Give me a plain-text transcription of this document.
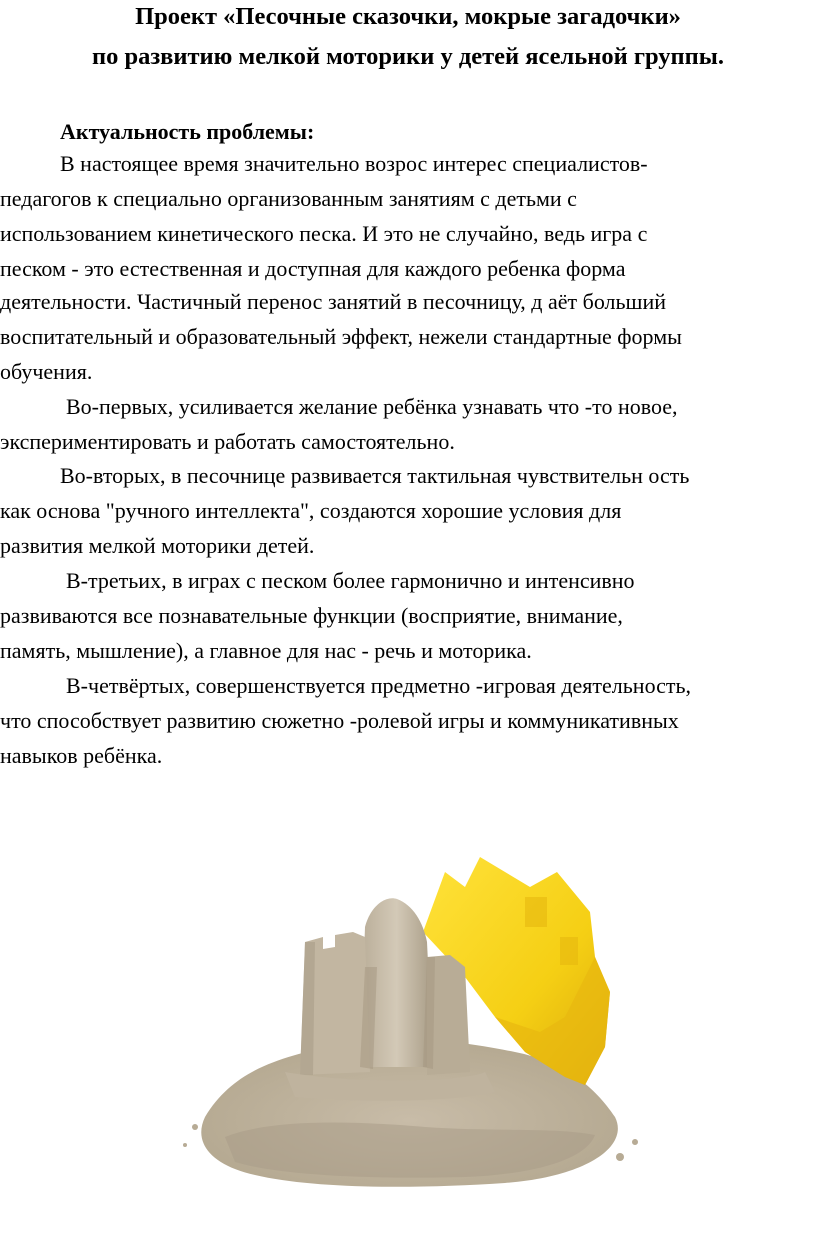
Проект «Песочные сказочки, мокрые загадочки»
по развитию мелкой моторики у детей ясельной группы.
Актуальность проблемы:
В настоящее время значительно возрос интерес специалистов-
педагогов к специально организованным занятиям с детьми с
использованием кинетического песка. И это не случайно, ведь игра с
песком - это естественная и доступная для каждого ребенка форма
деятельности. Частичный перенос занятий в песочницу, д аёт больший
воспитательный и образовательный эффект, нежели стандартные формы
обучения.
Во-первых, усиливается желание ребёнка узнавать что -то новое,
экспериментировать и работать самостоятельно.
Во-вторых, в песочнице развивается тактильная чувствительн ость
как основа "ручного интеллекта", создаются хорошие условия для
развития мелкой моторики детей.
В-третьих, в играх с песком более гармонично и интенсивно
развиваются все познавательные функции (восприятие, внимание,
память, мышление), а главное для нас - речь и моторика.
В-четвёртых, совершенствуется предметно -игровая деятельность,
что способствует развитию сюжетно -ролевой игры и коммуникативных
навыков ребёнка.
